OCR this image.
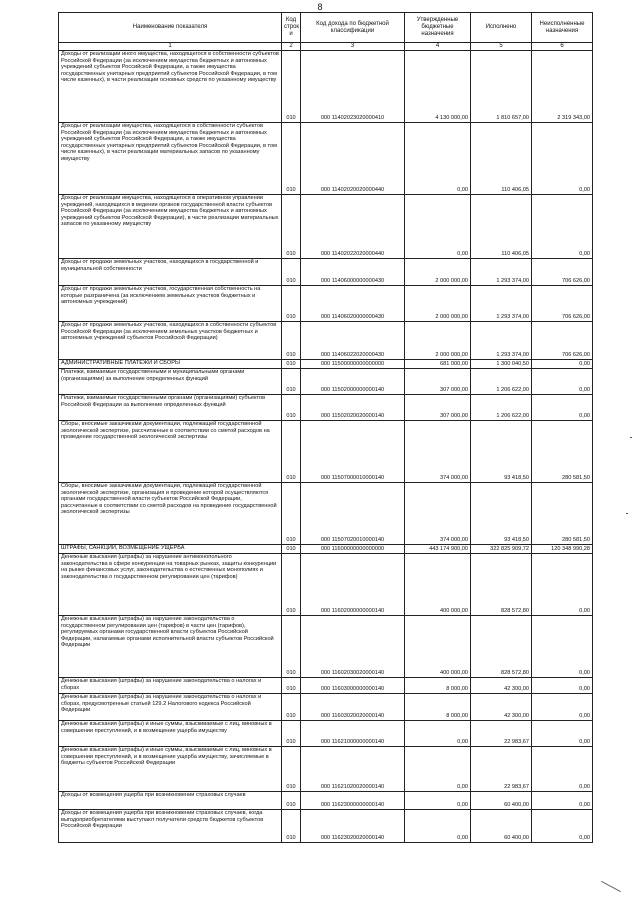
8
Наименование показателя	Код строк и	Код дохода по бюджетной классификации	Утвержденные бюджетные назначения	Исполнено	Неисполненные назначения
1	2	3	4	5	6
Доходы от реализации иного имущества, находящегося в собственности субъектов Российской Федерации (за исключением имущества бюджетных и автономных учреждений субъектов Российской Федерации, а также имущества государственных унитарных предприятий субъектов Российской Федерации, в том числе казенных), в части реализации основных средств по указанному имуществу	010	000 11402023020000410	4 130 000,00	1 810 657,00	2 319 343,00
Доходы от реализации имущества, находящегося в собственности субъектов Российской Федерации (за исключением имущества бюджетных и автономных учреждений субъектов Российской Федерации, а также имущества государственных унитарных предприятий субъектов Российской Федерации, в том числе казенных), в части реализации материальных запасов по указанному имуществу	010	000 11402020020000440	0,00	110 406,05	0,00
Доходы от реализации имущества, находящегося в оперативном управлении учреждений, находящихся в ведении органов государственной власти субъектов Российской Федерации (за исключением имущества бюджетных и автономных учреждений субъектов Российской Федерации), в части реализации материальных запасов по указанному имуществу	010	000 11402022020000440	0,00	110 406,05	0,00
Доходы от продажи земельных участков, находящихся в государственной и муниципальной собственности	010	000 11406000000000430	2 000 000,00	1 293 374,00	706 626,00
Доходы от продажи земельных участков, государственная собственность на которые разграничена (за исключением земельных участков бюджетных и автономных учреждений)	010	000 11406020000000430	2 000 000,00	1 293 374,00	706 626,00
Доходы от продажи земельных участков, находящихся в собственности субъектов Российской Федерации (за исключением земельных участков бюджетных и автономных учреждений субъектов Российской Федерации)	010	000 11406022020000430	2 000 000,00	1 293 374,00	706 626,00
АДМИНИСТРАТИВНЫЕ ПЛАТЕЖИ И СБОРЫ	010	000 11500000000000000	681 000,00	1 300 040,50	0,00
Платежи, взимаемые государственными и муниципальными органами (организациями) за выполнение определенных функций	010	000 11502000000000140	307 000,00	1 206 622,00	0,00
Платежи, взимаемые государственными органами (организациями) субъектов Российской Федерации за выполнение определенных функций	010	000 11502020020000140	307 000,00	1 206 622,00	0,00
Сборы, вносимые заказчиками документации, подлежащей государственной экологической экспертизе, рассчитанные в соответствии со сметой расходов на проведение государственной экологической экспертизы	010	000 11507000010000140	374 000,00	93 418,50	280 581,50
Сборы, вносимые заказчиками документации, подлежащей государственной экологической экспертизе, организация и проведение которой осуществляются органами государственной власти субъектов Российской Федерации, рассчитанные в соответствии со сметой расходов на проведение государственной экологической экспертизы	010	000 11507020010000140	374 000,00	93 418,50	280 581,50
ШТРАФЫ, САНКЦИИ, ВОЗМЕЩЕНИЕ УЩЕРБА	010	000 11600000000000000	443 174 900,00	322 825 909,72	120 348 990,28
Денежные взыскания (штрафы) за нарушение антимонопольного законодательства в сфере конкуренции на товарных рынках, защиты конкуренции на рынке финансовых услуг, законодательства о естественных монополиях и законодательства о государственном регулировании цен (тарифов)	010	000 11602000000000140	400 000,00	828 572,80	0,00
Денежные взыскания (штрафы) за нарушение законодательства о государственном регулировании цен (тарифов) в части цен (тарифов), регулируемых органами государственной власти субъектов Российской Федерации, налагаемые органами исполнительной власти субъектов Российской Федерации	010	000 11602030020000140	400 000,00	828 572,80	0,00
Денежные взыскания (штрафы) за нарушение законодательства о налогах и сборах	010	000 11603000000000140	8 000,00	42 300,00	0,00
Денежные взыскания (штрафы) за нарушение законодательства о налогах и сборах, предусмотренные статьей 129.2 Налогового кодекса Российской Федерации	010	000 11603020020000140	8 000,00	42 300,00	0,00
Денежные взыскания (штрафы) и иные суммы, взыскиваемые с лиц, виновных в совершении преступлений, и в возмещение ущерба имуществу	010	000 11621000000000140	0,00	22 983,67	0,00
Денежные взыскания (штрафы) и иные суммы, взыскиваемые с лиц, виновных в совершении преступлений, и в возмещение ущерба имуществу, зачисляемые в бюджеты субъектов Российской Федерации	010	000 11621020020000140	0,00	22 983,67	0,00
Доходы от возмещения ущерба при возникновении страховых случаев	010	000 11623000000000140	0,00	60 400,00	0,00
Доходы от возмещения ущерба при возникновении страховых случаев, когда выгодоприобретателями выступают получатели средств бюджетов субъектов Российской Федерации	010	000 11623020020000140	0,00	60 400,00	0,00
